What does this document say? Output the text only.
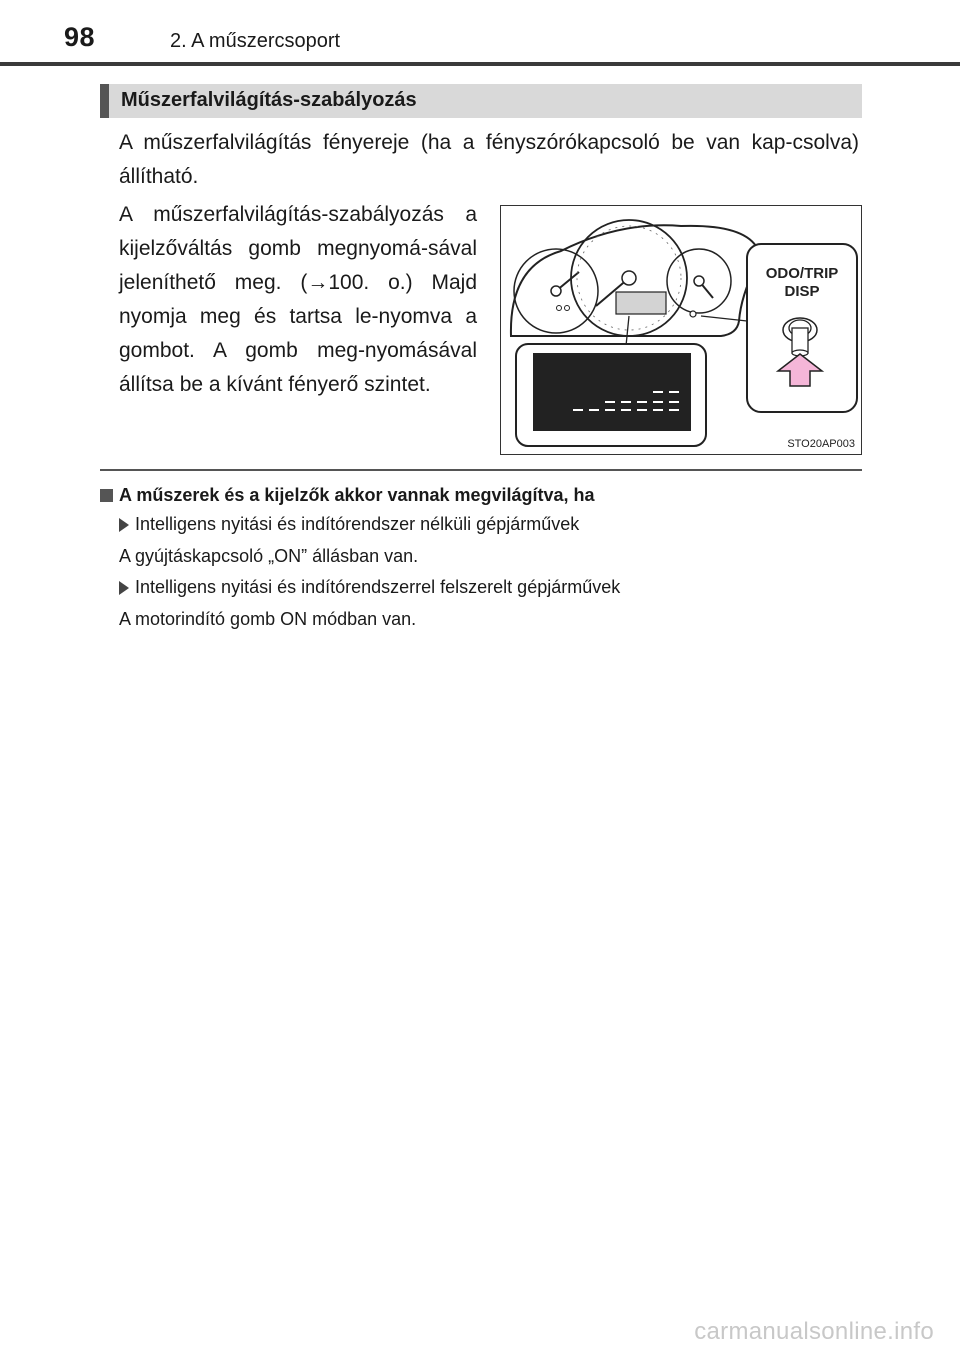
98	2. A műszercsoport
Műszerfalvilágítás-szabályozás
A műszerfalvilágítás fényereje (ha a fényszórókapcsoló be van kap-csolva) állítható.
A műszerfalvilágítás-szabályozás a kijelzőváltás gomb megnyomá-sával jeleníthető meg. (→100. o.) Majd nyomja meg és tartsa le-nyomva a gombot. A gomb meg-nyomásával állítsa be a kívánt fényerő szintet.
ODO/TRIP
DISP
STO20AP003
A műszerek és a kijelzők akkor vannak megvilágítva, ha
Intelligens nyitási és indítórendszer nélküli gépjárművek
A gyújtáskapcsoló „ON” állásban van.
Intelligens nyitási és indítórendszerrel felszerelt gépjárművek
A motorindító gomb ON módban van.
carmanualsonline.info
